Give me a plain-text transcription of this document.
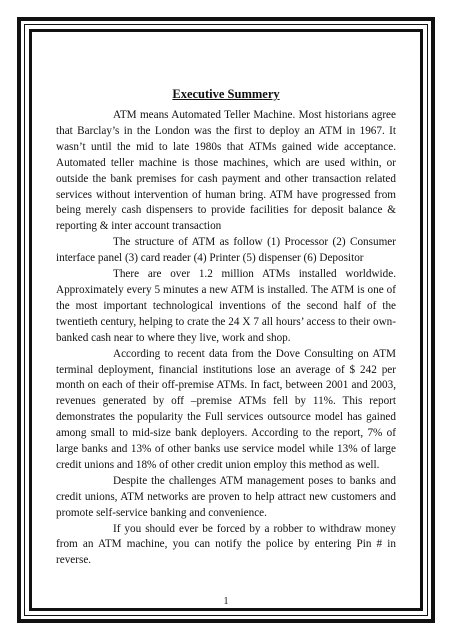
Executive Summery

ATM means Automated Teller Machine. Most historians agree that Barclay’s in the London was the first to deploy an ATM in 1967. It wasn’t until the mid to late 1980s that ATMs gained wide acceptance. Automated teller machine is those machines, which are used within, or outside the bank premises for cash payment and other transaction related services without intervention of human bring. ATM have progressed from being merely cash dispensers to provide facilities for deposit balance & reporting & inter account transaction

The structure of ATM as follow (1) Processor (2) Consumer interface panel (3) card reader (4) Printer (5) dispenser (6) Depositor

There are over 1.2 million ATMs installed worldwide. Approximately every 5 minutes a new ATM is installed. The ATM is one of the most important technological inventions of the second half of the twentieth century, helping to crate the 24 X 7 all hours’ access to their own-banked cash near to where they live, work and shop.

According to recent data from the Dove Consulting on ATM terminal deployment, financial institutions lose an average of $ 242 per month on each of their off-premise ATMs. In fact, between 2001 and 2003, revenues generated by off –premise ATMs fell by 11%. This report demonstrates the popularity the Full services outsource model has gained among small to mid-size bank deployers. According to the report, 7% of large banks and 13% of other banks use service model while 13% of large credit unions and 18% of other credit union employ this method as well.

Despite the challenges ATM management poses to banks and credit unions, ATM networks are proven to help attract new customers and promote self-service banking and convenience.

If you should ever be forced by a robber to withdraw money from an ATM machine, you can notify the police by entering Pin # in reverse.

1
